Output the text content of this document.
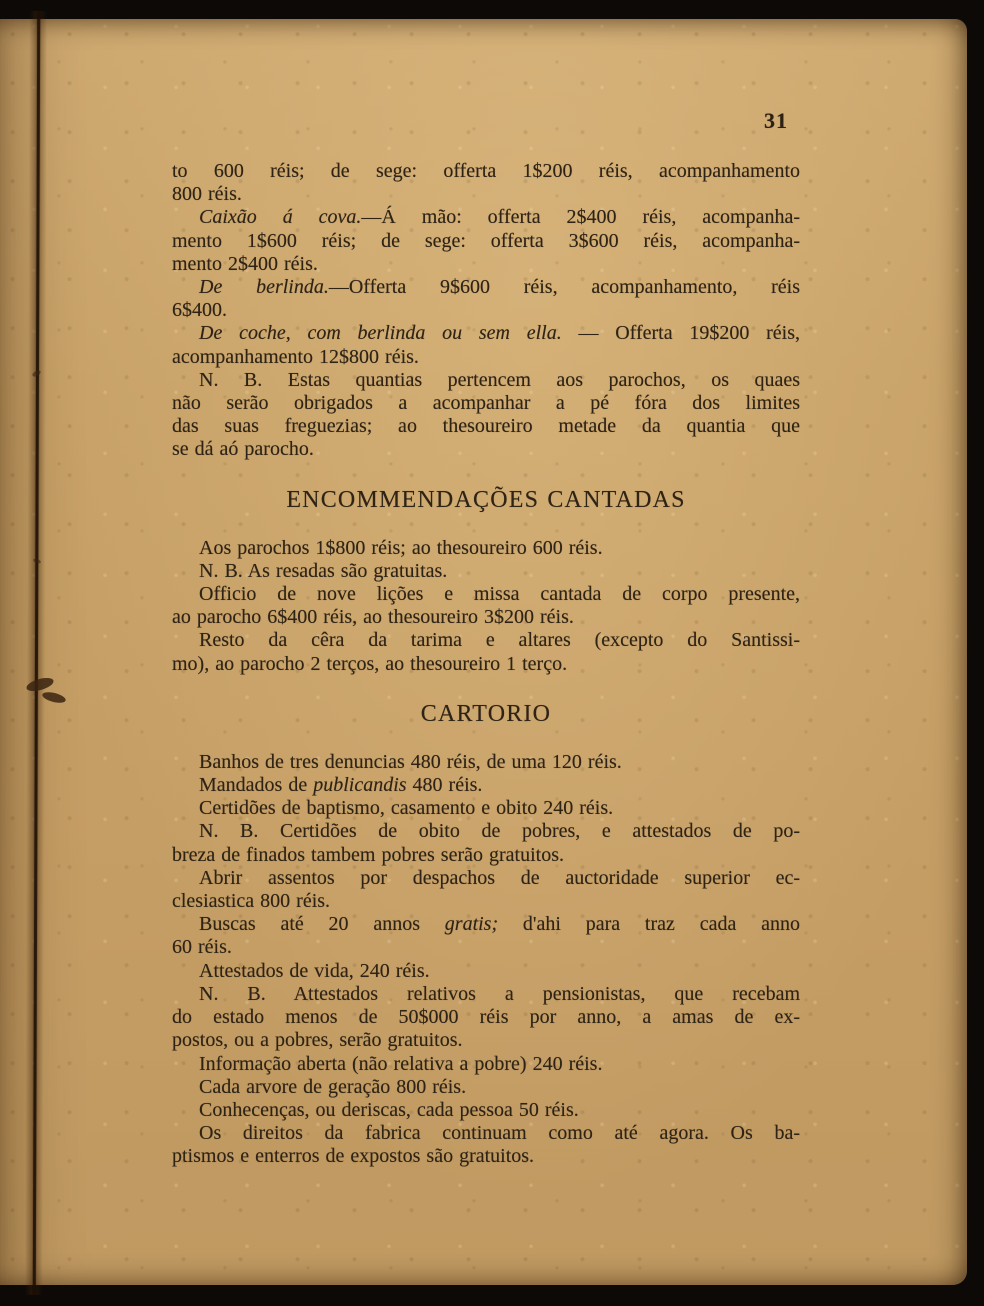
31
to 600 réis; de sege: offerta 1$200 réis, acompanhamento
800 réis.
Caixão á cova.—Á mão: offerta 2$400 réis, acompanha-
mento 1$600 réis; de sege: offerta 3$600 réis, acompanha-
mento 2$400 réis.
De berlinda.—Offerta 9$600 réis, acompanhamento, réis
6$400.
De coche, com berlinda ou sem ella. — Offerta 19$200 réis,
acompanhamento 12$800 réis.
N. B. Estas quantias pertencem aos parochos, os quaes
não serão obrigados a acompanhar a pé fóra dos limites
das suas freguezias; ao thesoureiro metade da quantia que
se dá aó parocho.
ENCOMMENDAÇÕES CANTADAS
Aos parochos 1$800 réis; ao thesoureiro 600 réis.
N. B. As resadas são gratuitas.
Officio de nove lições e missa cantada de corpo presente,
ao parocho 6$400 réis, ao thesoureiro 3$200 réis.
Resto da cêra da tarima e altares (excepto do Santissi-
mo), ao parocho 2 terços, ao thesoureiro 1 terço.
CARTORIO
Banhos de tres denuncias 480 réis, de uma 120 réis.
Mandados de publicandis 480 réis.
Certidões de baptismo, casamento e obito 240 réis.
N. B. Certidões de obito de pobres, e attestados de po-
breza de finados tambem pobres serão gratuitos.
Abrir assentos por despachos de auctoridade superior ec-
clesiastica 800 réis.
Buscas até 20 annos gratis; d'ahi para traz cada anno
60 réis.
Attestados de vida, 240 réis.
N. B. Attestados relativos a pensionistas, que recebam
do estado menos de 50$000 réis por anno, a amas de ex-
postos, ou a pobres, serão gratuitos.
Informação aberta (não relativa a pobre) 240 réis.
Cada arvore de geração 800 réis.
Conhecenças, ou deriscas, cada pessoa 50 réis.
Os direitos da fabrica continuam como até agora. Os ba-
ptismos e enterros de expostos são gratuitos.
